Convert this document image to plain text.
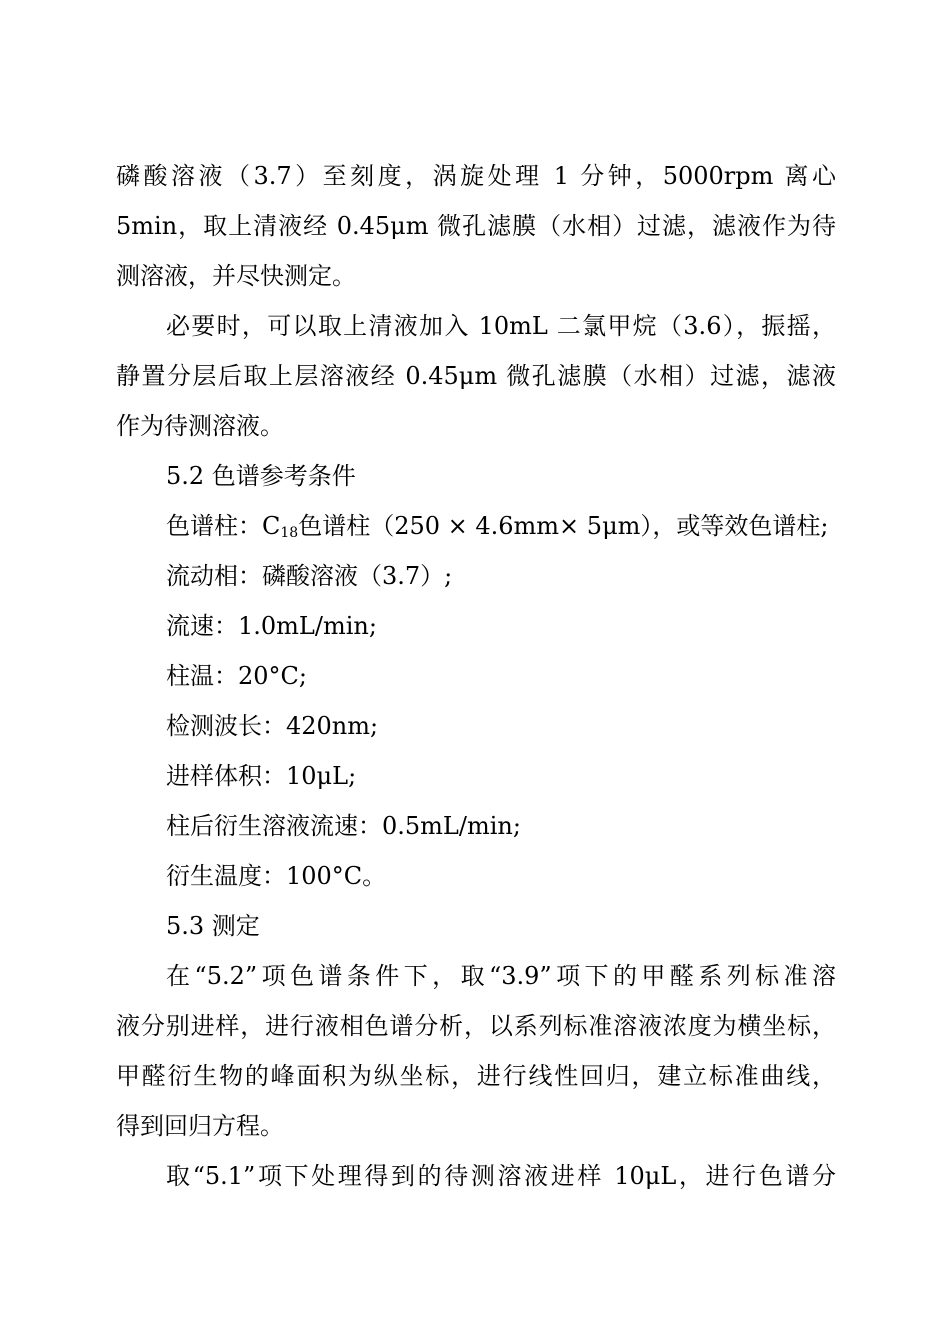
磷酸溶液（3.7）至刻度，涡旋处理 1 分钟，5000rpm 离心
5min，取上清液经 0.45μm 微孔滤膜（水相）过滤，滤液作为待
测溶液，并尽快测定。
必要时，可以取上清液加入 10mL 二氯甲烷（3.6），振摇，
静置分层后取上层溶液经 0.45μm 微孔滤膜（水相）过滤，滤液
作为待测溶液。
5.2 色谱参考条件
色谱柱：$C_{18}$色谱柱（250 × 4.6mm× 5μm），或等效色谱柱;
流动相：磷酸溶液（3.7）;
流速：1.0mL/min;
柱温：20°C;
检测波长：420nm;
进样体积：10μL;
柱后衍生溶液流速：0.5mL/min;
衍生温度：100°C。
5.3 测定
在“5.2”项色谱条件下，取“3.9”项下的甲醛系列标准溶
液分别进样，进行液相色谱分析，以系列标准溶液浓度为横坐标，
甲醛衍生物的峰面积为纵坐标，进行线性回归，建立标准曲线，
得到回归方程。
取“5.1”项下处理得到的待测溶液进样 10μL，进行色谱分
